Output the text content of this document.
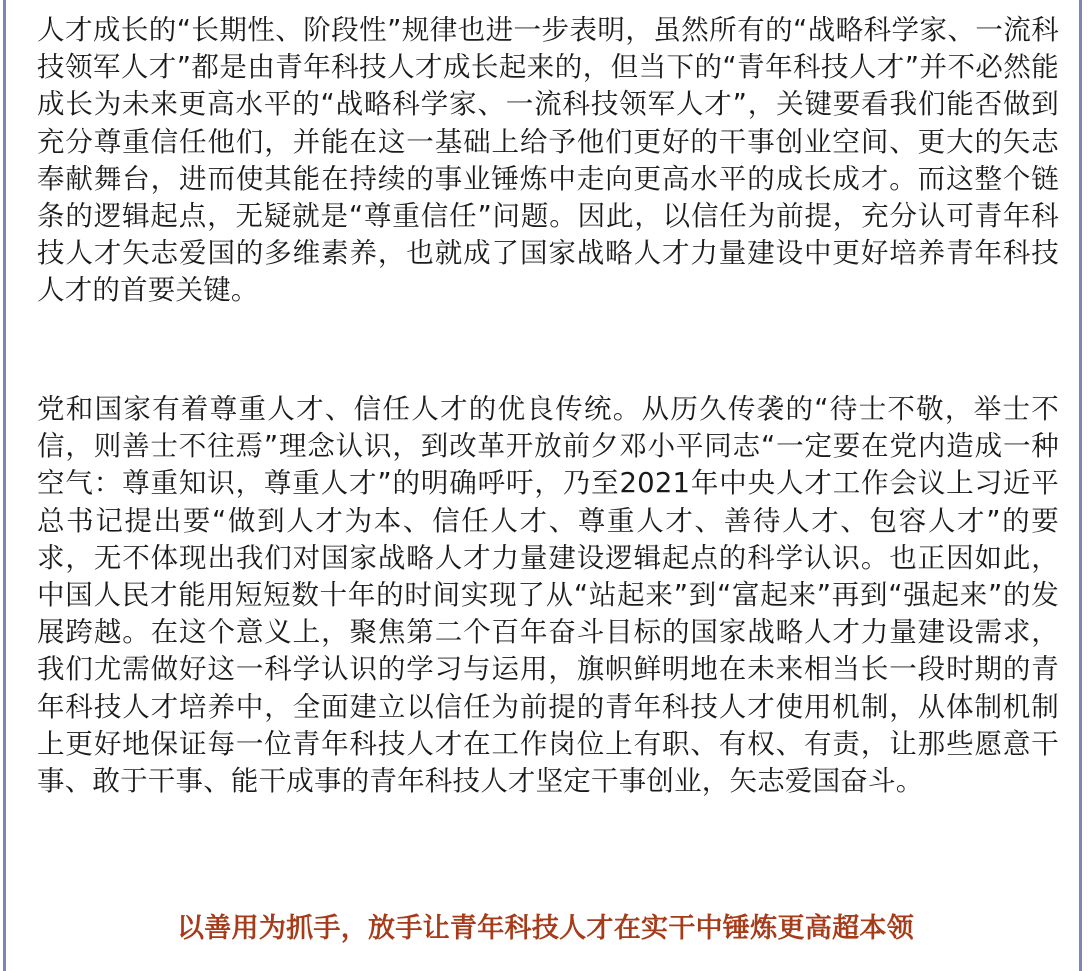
人才成长的“长期性、阶段性”规律也进一步表明，虽然所有的“战略科学家、一流科技领军人才”都是由青年科技人才成长起来的，但当下的“青年科技人才”并不必然能成长为未来更高水平的“战略科学家、一流科技领军人才”，关键要看我们能否做到充分尊重信任他们，并能在这一基础上给予他们更好的干事创业空间、更大的矢志奉献舞台，进而使其能在持续的事业锤炼中走向更高水平的成长成才。而这整个链条的逻辑起点，无疑就是“尊重信任”问题。因此，以信任为前提，充分认可青年科技人才矢志爱国的多维素养，也就成了国家战略人才力量建设中更好培养青年科技人才的首要关键。

党和国家有着尊重人才、信任人才的优良传统。从历久传袭的“待士不敬，举士不信，则善士不往焉”理念认识，到改革开放前夕邓小平同志“一定要在党内造成一种空气：尊重知识，尊重人才”的明确呼吁，乃至2021年中央人才工作会议上习近平总书记提出要“做到人才为本、信任人才、尊重人才、善待人才、包容人才”的要求，无不体现出我们对国家战略人才力量建设逻辑起点的科学认识。也正因如此，中国人民才能用短短数十年的时间实现了从“站起来”到“富起来”再到“强起来”的发展跨越。在这个意义上，聚焦第二个百年奋斗目标的国家战略人才力量建设需求，我们尤需做好这一科学认识的学习与运用，旗帜鲜明地在未来相当长一段时期的青年科技人才培养中，全面建立以信任为前提的青年科技人才使用机制，从体制机制上更好地保证每一位青年科技人才在工作岗位上有职、有权、有责，让那些愿意干事、敢于干事、能干成事的青年科技人才坚定干事创业，矢志爱国奋斗。

以善用为抓手，放手让青年科技人才在实干中锤炼更高超本领
